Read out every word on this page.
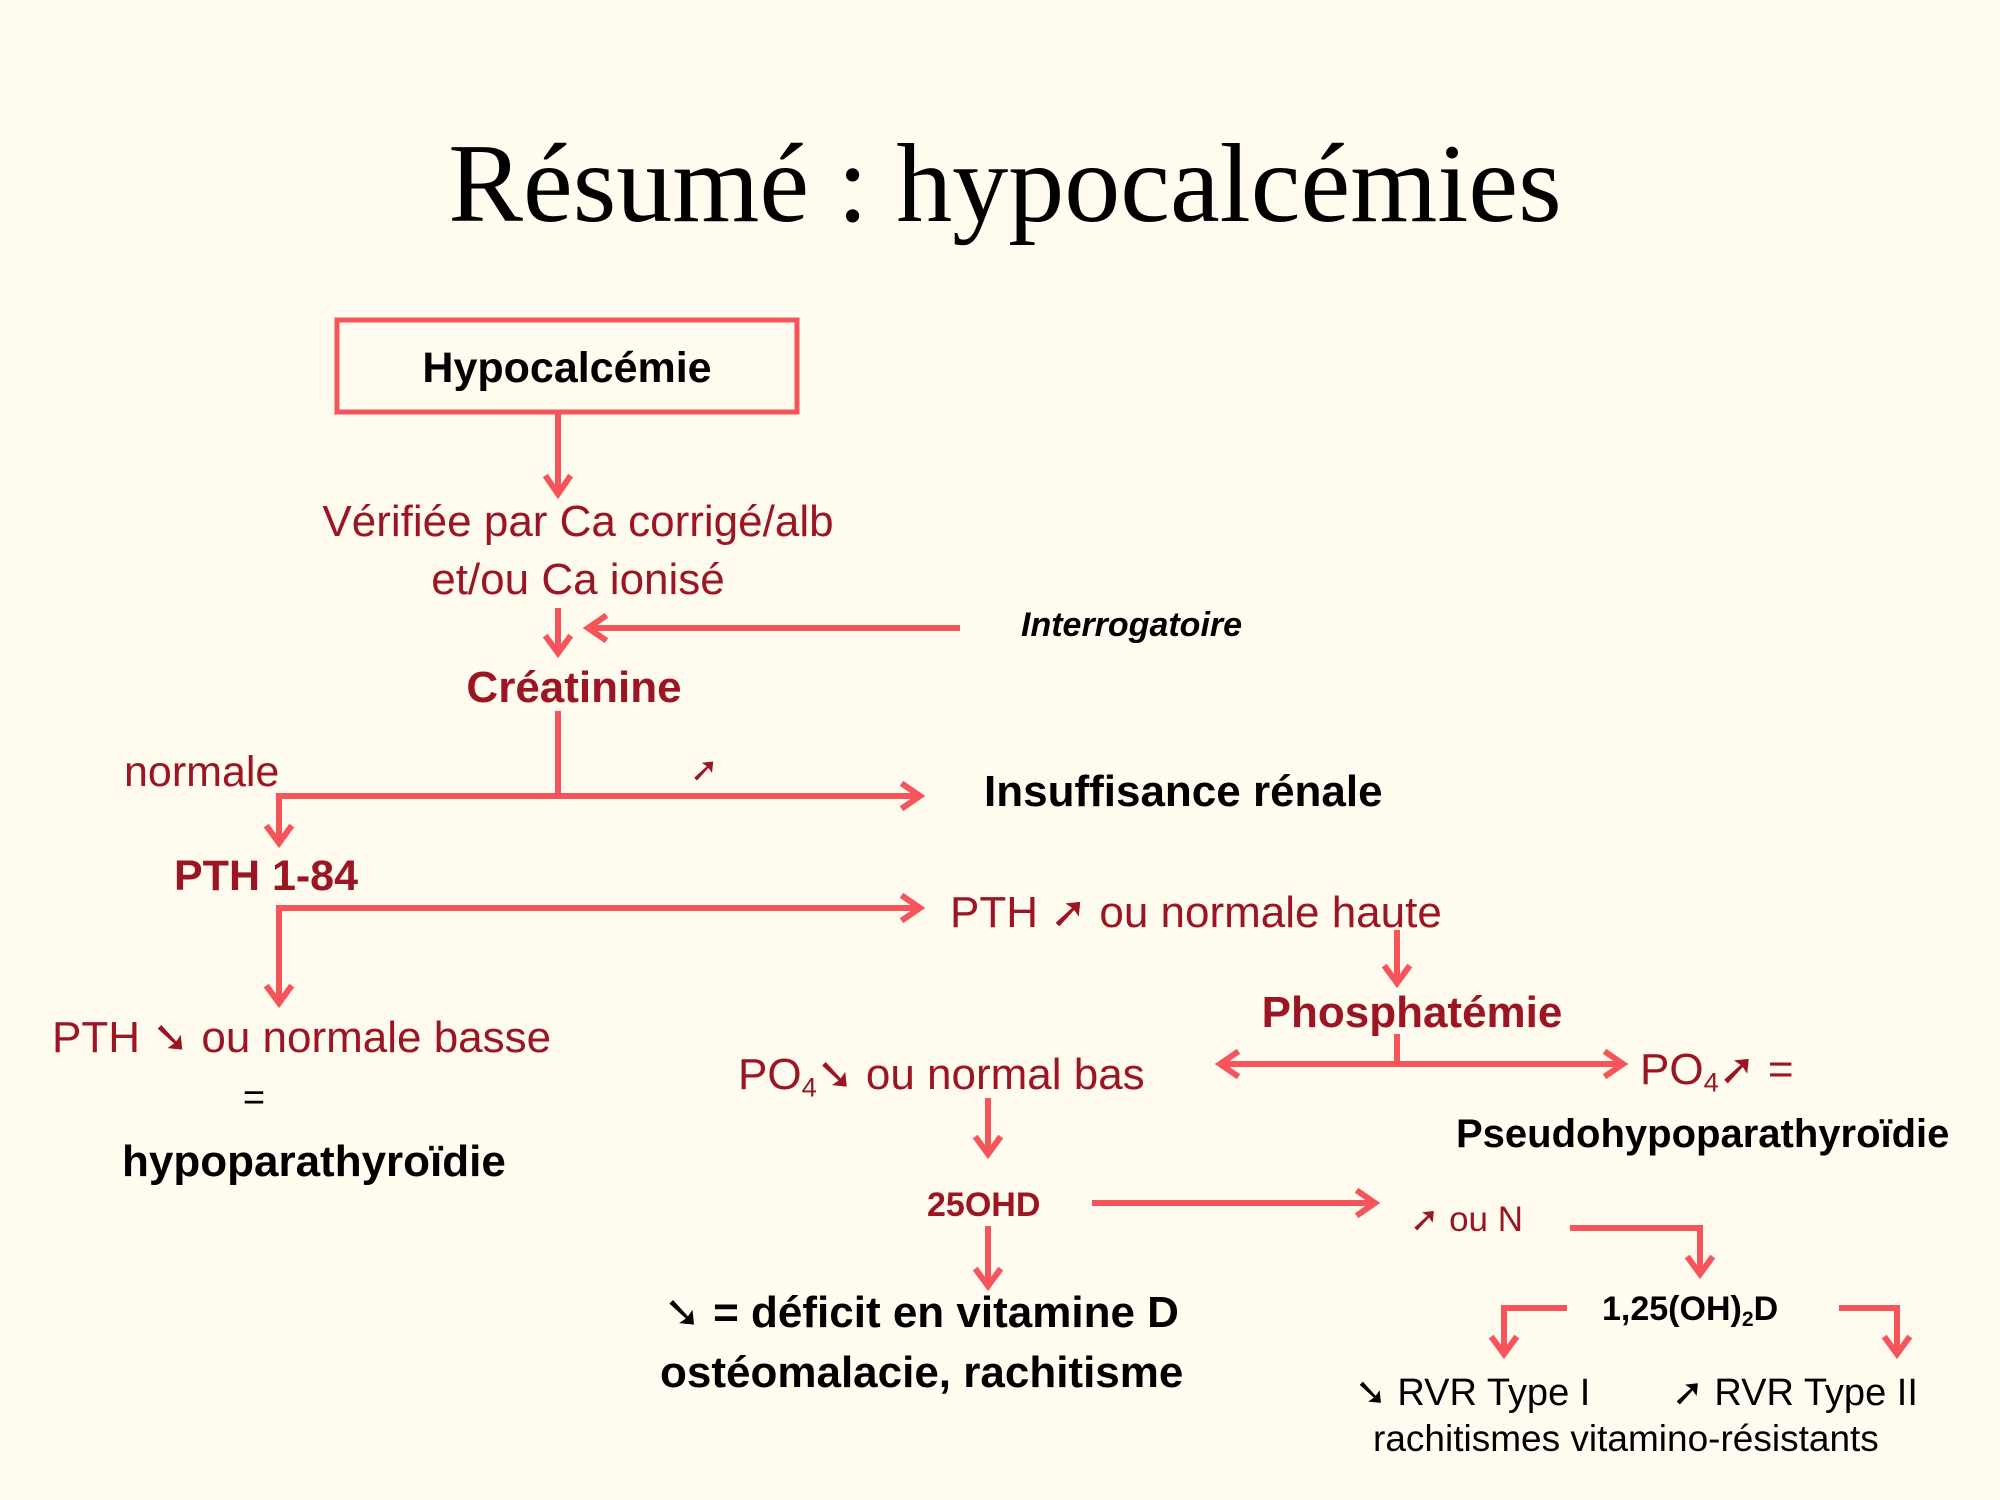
Résumé : hypocalcémies
Hypocalcémie
Vérifiée par Ca corrigé/alb
et/ou Ca ionisé
Interrogatoire
Créatinine
normale	➚	Insuffisance rénale
PTH 1-84
PTH ➚ ou normale haute
PTH ➘ ou normale basse
=
hypoparathyroïdie
Phosphatémie
$PO_4➘$ ou normal bas	$PO_4➚$ =
Pseudohypoparathyroïdie
25OHD	➚ ou N
➘ = déficit en vitamine D
ostéomalacie, rachitisme
$1,25(OH)_2D$
➘ RVR Type I ➚ RVR Type II
rachitismes vitamino-résistants
